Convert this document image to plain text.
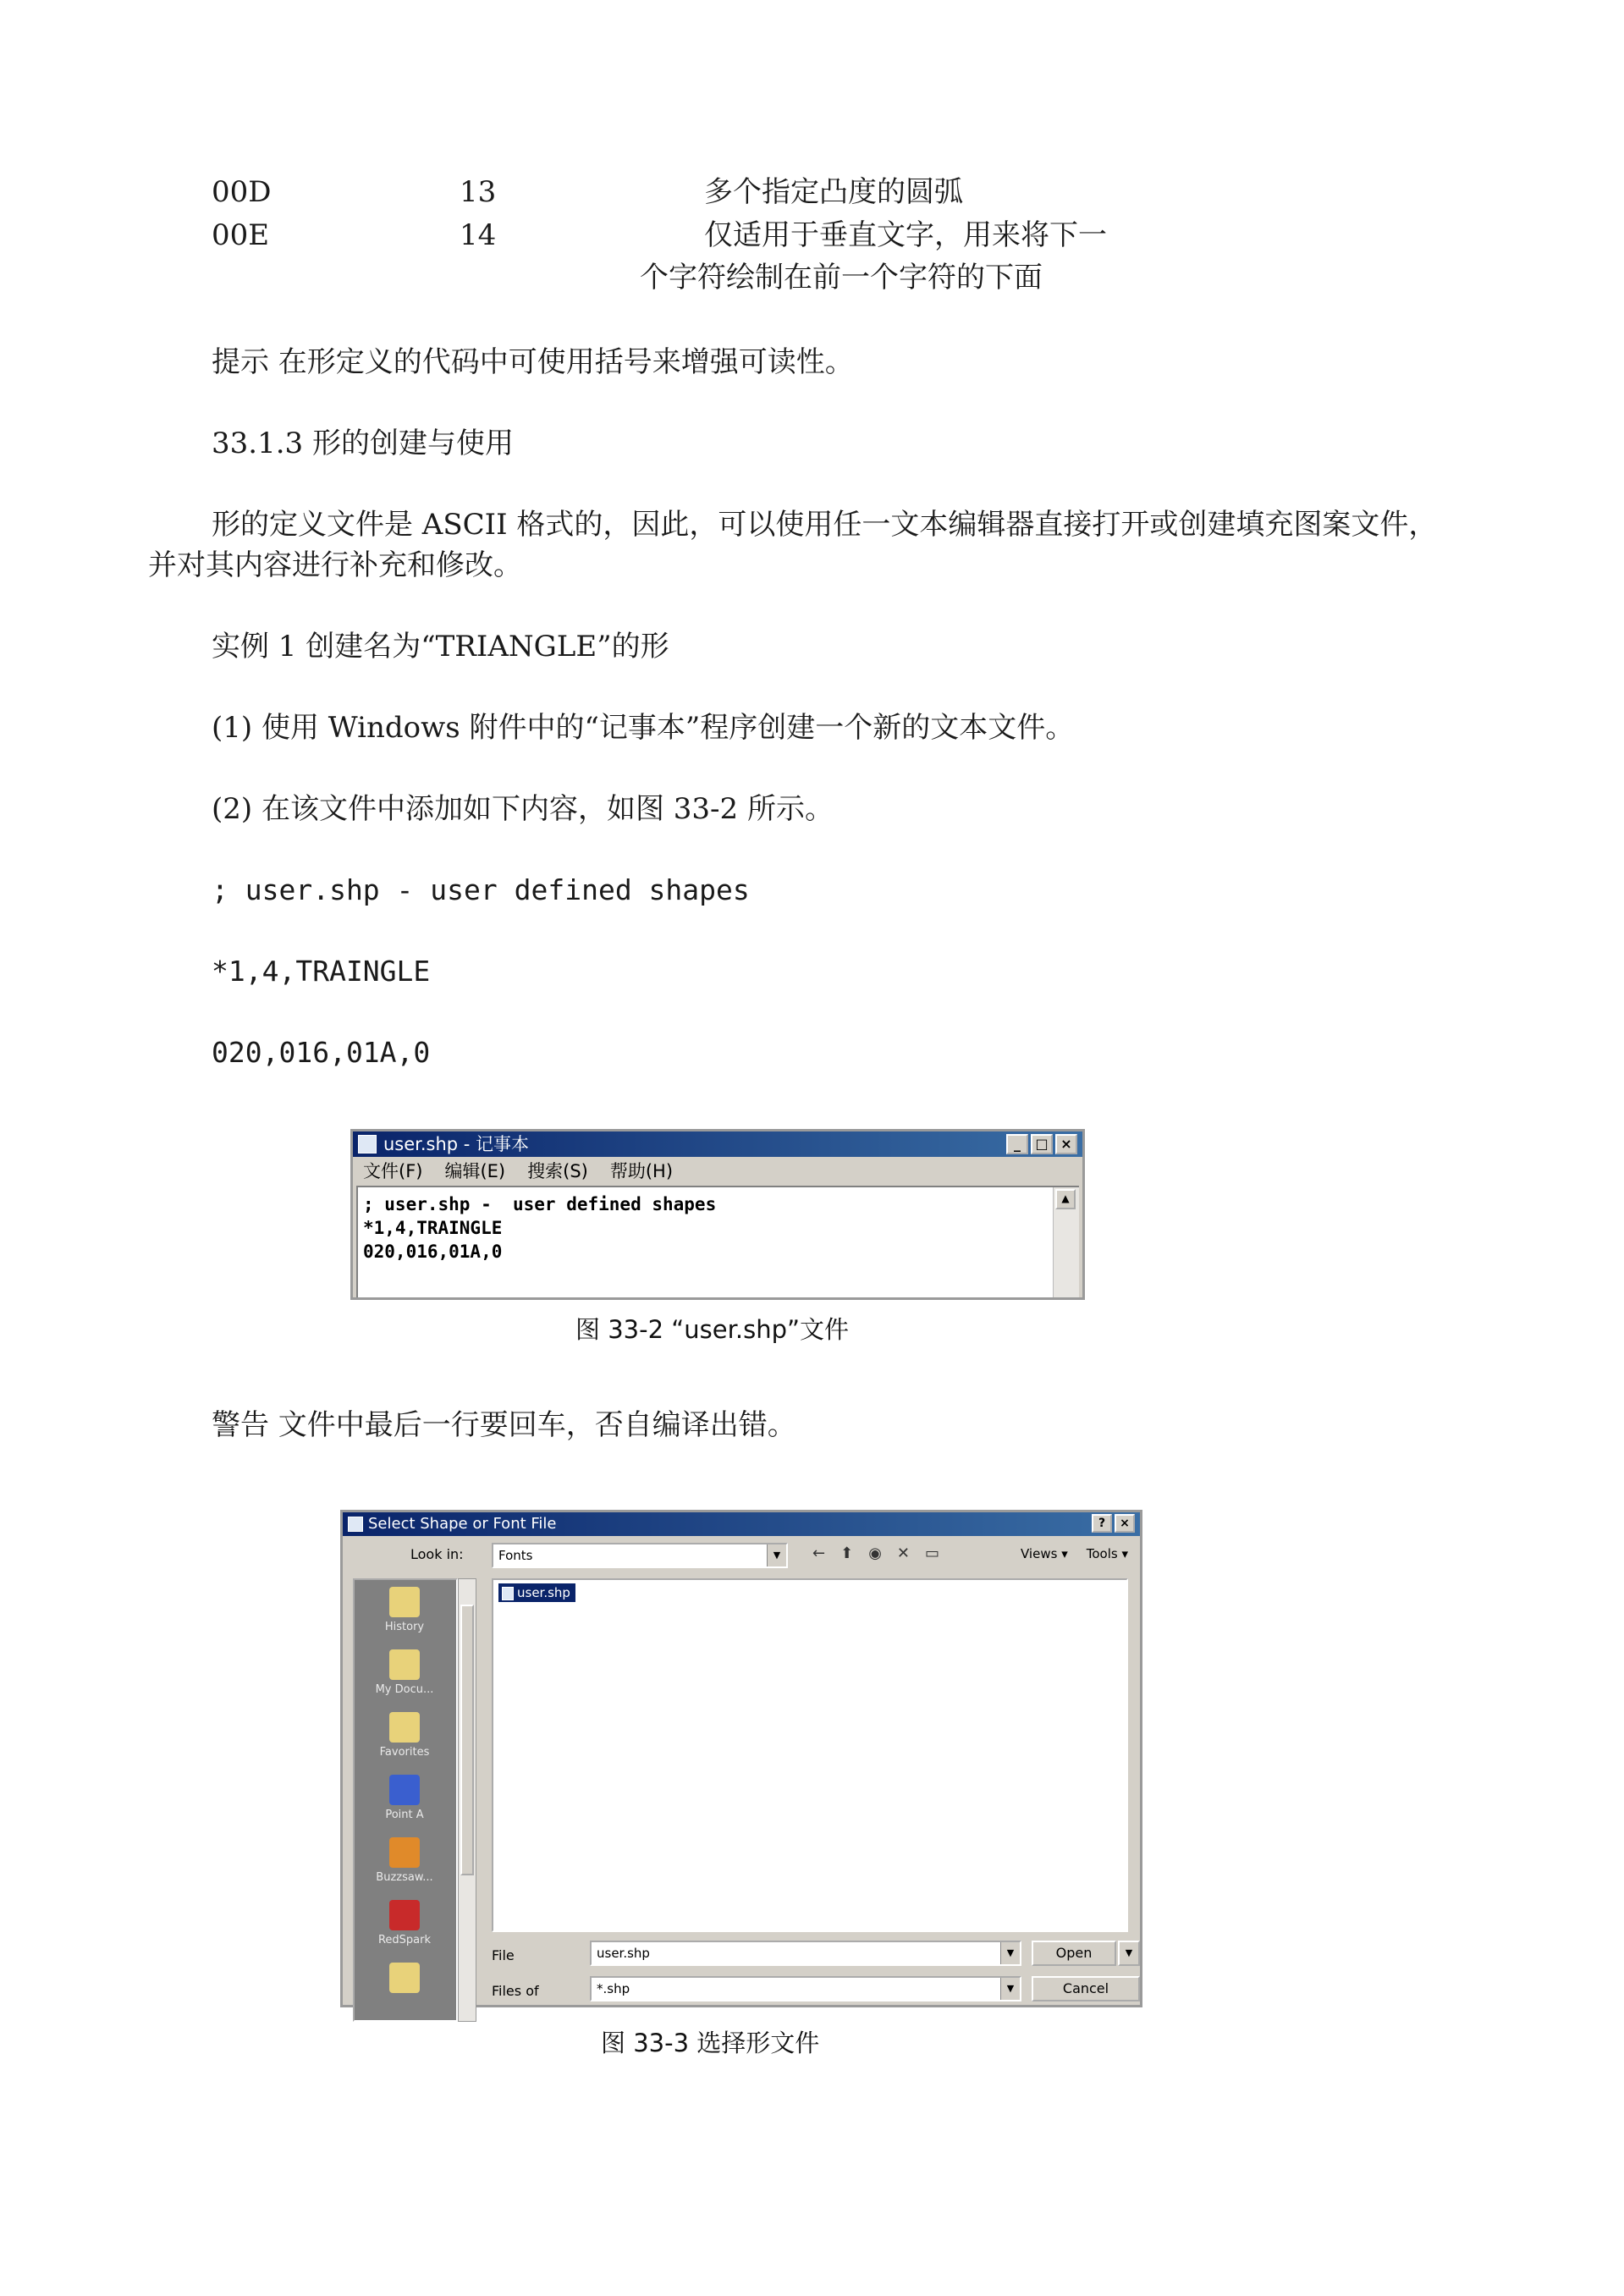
00D	13	多个指定凸度的圆弧
00E	14	仅适用于垂直文字，用来将下一
个字符绘制在前一个字符的下面
提示 在形定义的代码中可使用括号来增强可读性。
33.1.3 形的创建与使用
形的定义文件是 ASCII 格式的，因此，可以使用任一文本编辑器直接打开或创建填充图案文件，
并对其内容进行补充和修改。
实例 1 创建名为“TRIANGLE”的形
(1) 使用 Windows 附件中的“记事本”程序创建一个新的文本文件。
(2) 在该文件中添加如下内容，如图 33-2 所示。
; user.shp - user defined shapes
*1,4,TRAINGLE
020,016,01A,0
user.shp - 记事本	_	□ ×
文件(F) 编辑(E) 搜索(S) 帮助(H)
; user.shp -  user defined shapes
*1,4,TRAINGLE
020,016,01A,0
▲
图 33-2 “user.shp”文件
警告 文件中最后一行要回车，否自编译出错。
Select Shape or Font File	?	×
Look in:	Fonts	▼	← ⬆ ◉ ✕ ▭	Views ▾ Tools ▾
History
My Docu...
Favorites
Point A
Buzzsaw...
RedSpark
user.shp
File	user.shp	▼	Open	▼
Files of	*.shp	▼	Cancel
图 33-3 选择形文件
